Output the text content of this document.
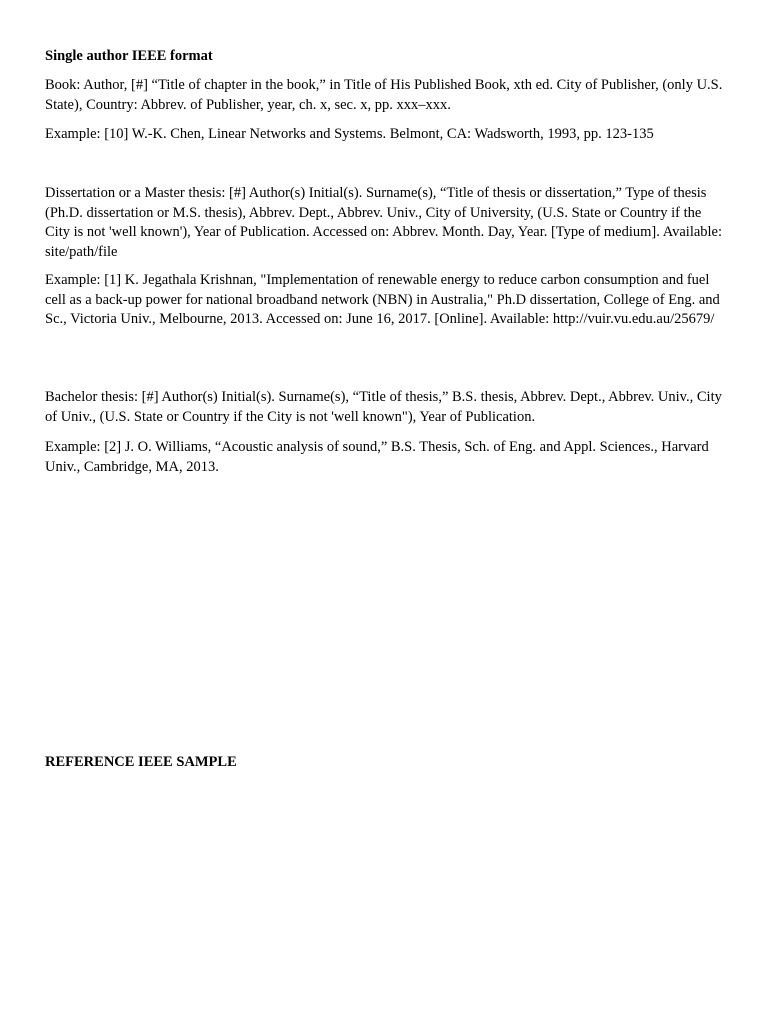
Single author IEEE format

Book: Author, [#] “Title of chapter in the book,” in Title of His Published Book, xth ed. City of Publisher, (only U.S. State), Country: Abbrev. of Publisher, year, ch. x, sec. x, pp. xxx–xxx.

Example: [10] W.-K. Chen, Linear Networks and Systems. Belmont, CA: Wadsworth, 1993, pp. 123-135

Dissertation or a Master thesis: [#] Author(s) Initial(s). Surname(s), “Title of thesis or dissertation,” Type of thesis (Ph.D. dissertation or M.S. thesis), Abbrev. Dept., Abbrev. Univ., City of University, (U.S. State or Country if the City is not 'well known'), Year of Publication. Accessed on: Abbrev. Month. Day, Year. [Type of medium]. Available: site/path/file

Example: [1] K. Jegathala Krishnan, "Implementation of renewable energy to reduce carbon consumption and fuel cell as a back-up power for national broadband network (NBN) in Australia," Ph.D dissertation, College of Eng. and Sc., Victoria Univ., Melbourne, 2013. Accessed on: June 16, 2017. [Online]. Available: http://vuir.vu.edu.au/25679/

Bachelor thesis: [#] Author(s) Initial(s). Surname(s), “Title of thesis,” B.S. thesis, Abbrev. Dept., Abbrev. Univ., City of Univ., (U.S. State or Country if the City is not 'well known"), Year of Publication.

Example: [2] J. O. Williams, “Acoustic analysis of sound,” B.S. Thesis, Sch. of Eng. and Appl. Sciences., Harvard Univ., Cambridge, MA, 2013.

REFERENCE IEEE SAMPLE
